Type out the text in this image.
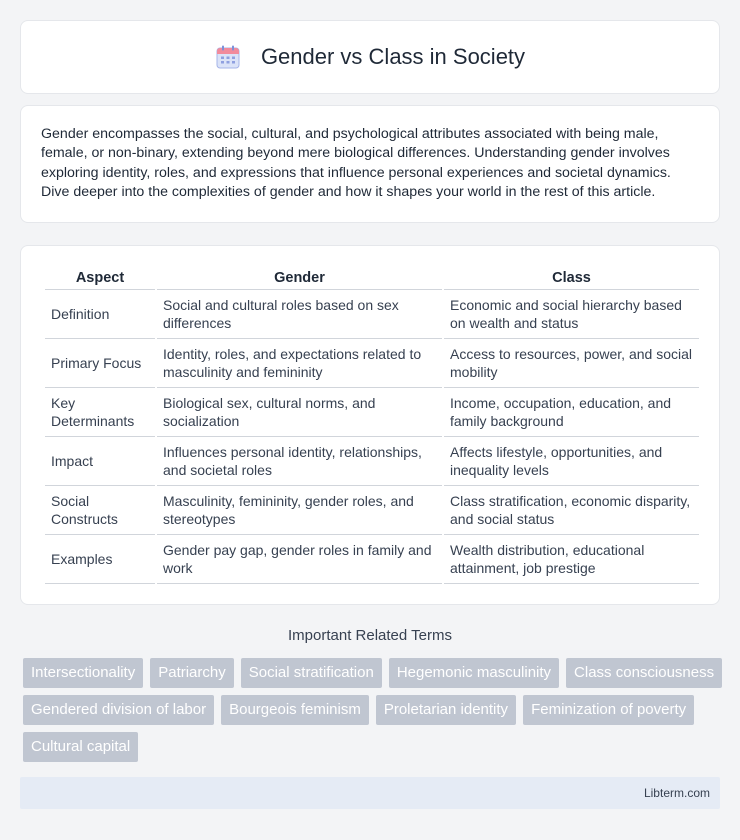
Gender vs Class in Society

Gender encompasses the social, cultural, and psychological attributes associated with being male, female, or non-binary, extending beyond mere biological differences. Understanding gender involves exploring identity, roles, and expressions that influence personal experiences and societal dynamics. Dive deeper into the complexities of gender and how it shapes your world in the rest of this article.

Aspect	Gender	Class
Definition	Social and cultural roles based on sex differences	Economic and social hierarchy based on wealth and status
Primary Focus	Identity, roles, and expectations related to masculinity and femininity	Access to resources, power, and social mobility
Key Determinants	Biological sex, cultural norms, and socialization	Income, occupation, education, and family background
Impact	Influences personal identity, relationships, and societal roles	Affects lifestyle, opportunities, and inequality levels
Social Constructs	Masculinity, femininity, gender roles, and stereotypes	Class stratification, economic disparity, and social status
Examples	Gender pay gap, gender roles in family and work	Wealth distribution, educational attainment, job prestige
Important Related Terms
Intersectionality	Patriarchy	Social stratification	Hegemonic masculinity	Class consciousness
Gendered division of labor	Bourgeois feminism	Proletarian identity	Feminization of poverty
Cultural capital
Libterm.com
